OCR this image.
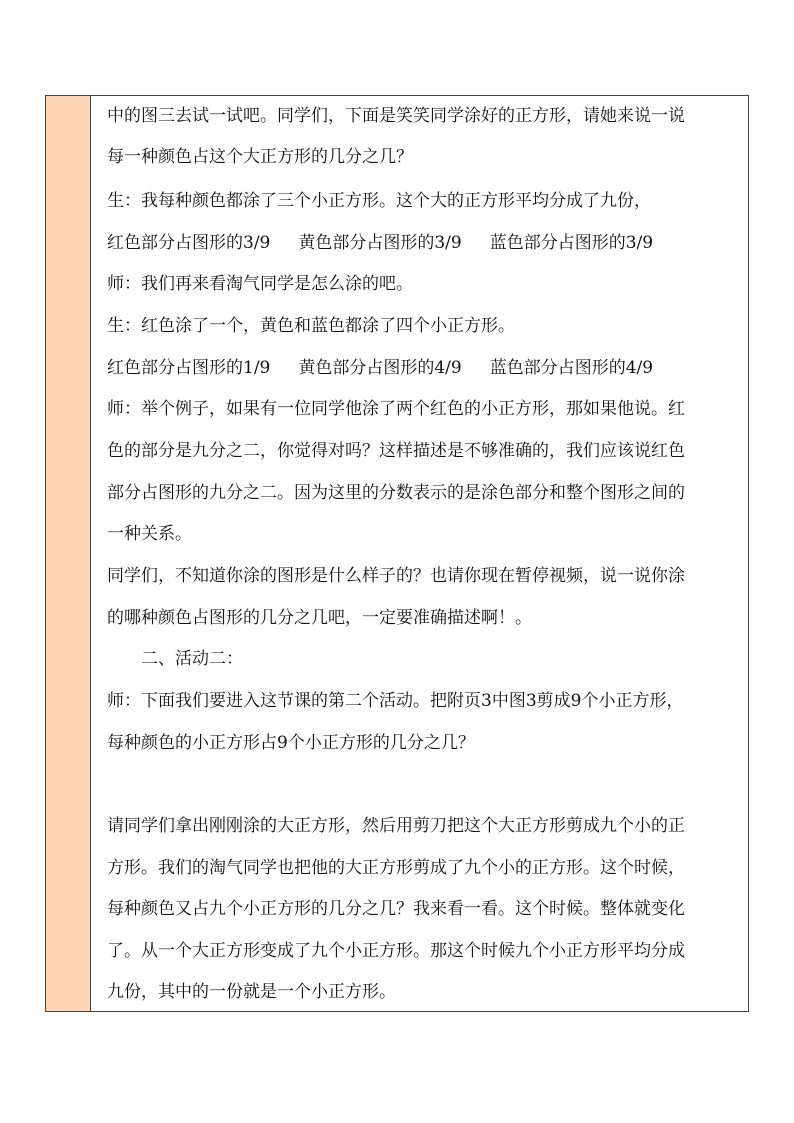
中的图三去试一试吧。同学们，下面是笑笑同学涂好的正方形，请她来说一说
每一种颜色占这个大正方形的几分之几？
生：我每种颜色都涂了三个小正方形。这个大的正方形平均分成了九份，
红色部分占图形的3/9 黄色部分占图形的3/9 蓝色部分占图形的3/9
师：我们再来看淘气同学是怎么涂的吧。
生：红色涂了一个，黄色和蓝色都涂了四个小正方形。
红色部分占图形的1/9 黄色部分占图形的4/9 蓝色部分占图形的4/9
师：举个例子，如果有一位同学他涂了两个红色的小正方形，那如果他说。红
色的部分是九分之二，你觉得对吗？这样描述是不够准确的，我们应该说红色
部分占图形的九分之二。因为这里的分数表示的是涂色部分和整个图形之间的
一种关系。
同学们，不知道你涂的图形是什么样子的？也请你现在暂停视频，说一说你涂
的哪种颜色占图形的几分之几吧，一定要准确描述啊！。
二、活动二：
师：下面我们要进入这节课的第二个活动。把附页3中图3剪成9个小正方形，
每种颜色的小正方形占9个小正方形的几分之几？
请同学们拿出刚刚涂的大正方形，然后用剪刀把这个大正方形剪成九个小的正
方形。我们的淘气同学也把他的大正方形剪成了九个小的正方形。这个时候，
每种颜色又占九个小正方形的几分之几？我来看一看。这个时候。整体就变化
了。从一个大正方形变成了九个小正方形。那这个时候九个小正方形平均分成
九份，其中的一份就是一个小正方形。
